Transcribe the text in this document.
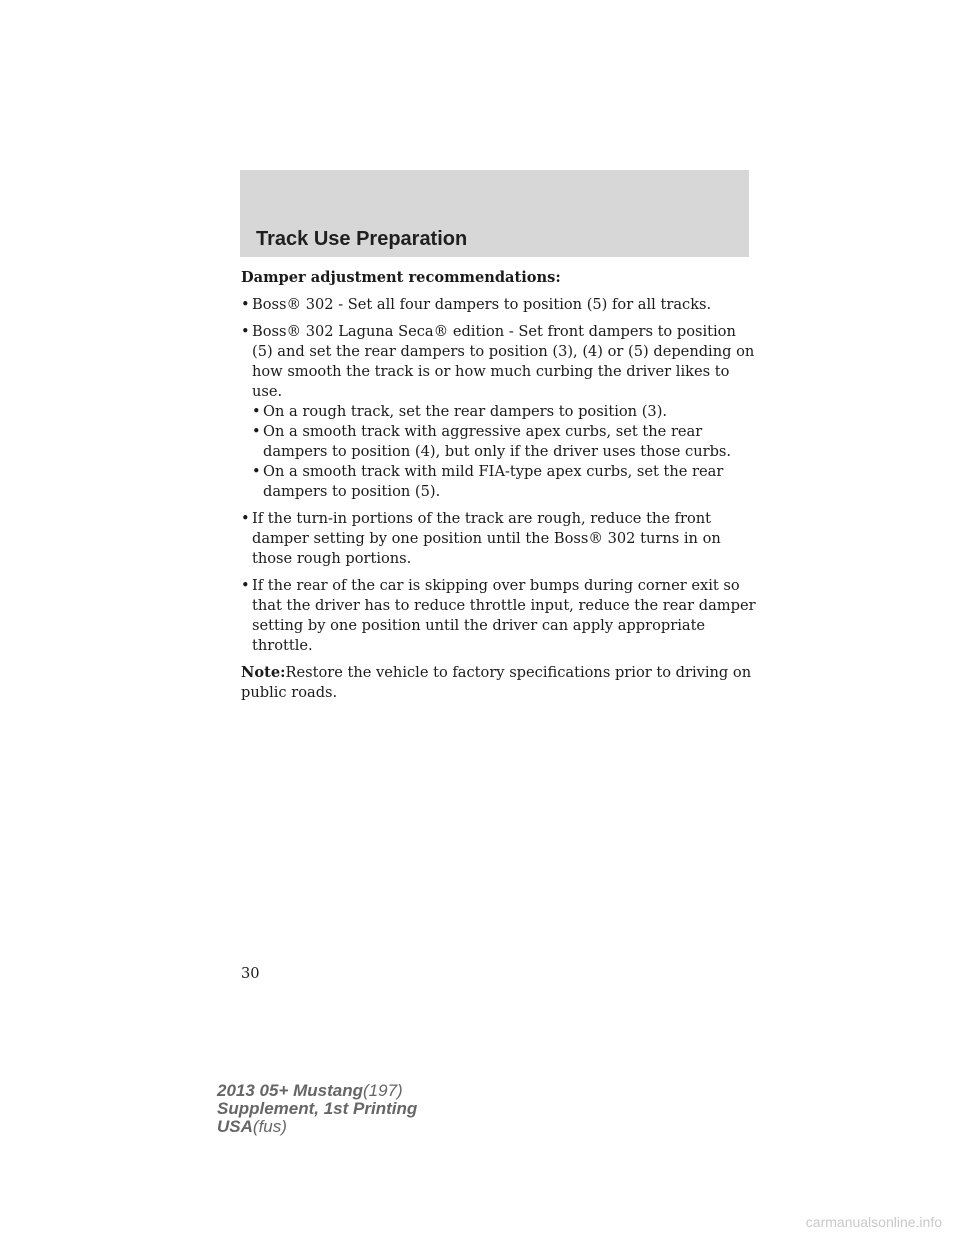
Track Use Preparation

Damper adjustment recommendations:

• Boss® 302 - Set all four dampers to position (5) for all tracks.
• Boss® 302 Laguna Seca® edition - Set front dampers to position (5) and set the rear dampers to position (3), (4) or (5) depending on how smooth the track is or how much curbing the driver likes to use.
• On a rough track, set the rear dampers to position (3).
• On a smooth track with aggressive apex curbs, set the rear dampers to position (4), but only if the driver uses those curbs.
• On a smooth track with mild FIA-type apex curbs, set the rear dampers to position (5).
• If the turn-in portions of the track are rough, reduce the front damper setting by one position until the Boss® 302 turns in on those rough portions.
• If the rear of the car is skipping over bumps during corner exit so that the driver has to reduce throttle input, reduce the rear damper setting by one position until the driver can apply appropriate throttle.

Note:Restore the vehicle to factory specifications prior to driving on public roads.

30
2013 05+ Mustang(197)
Supplement, 1st Printing
USA(fus)
carmanualsonline.info
